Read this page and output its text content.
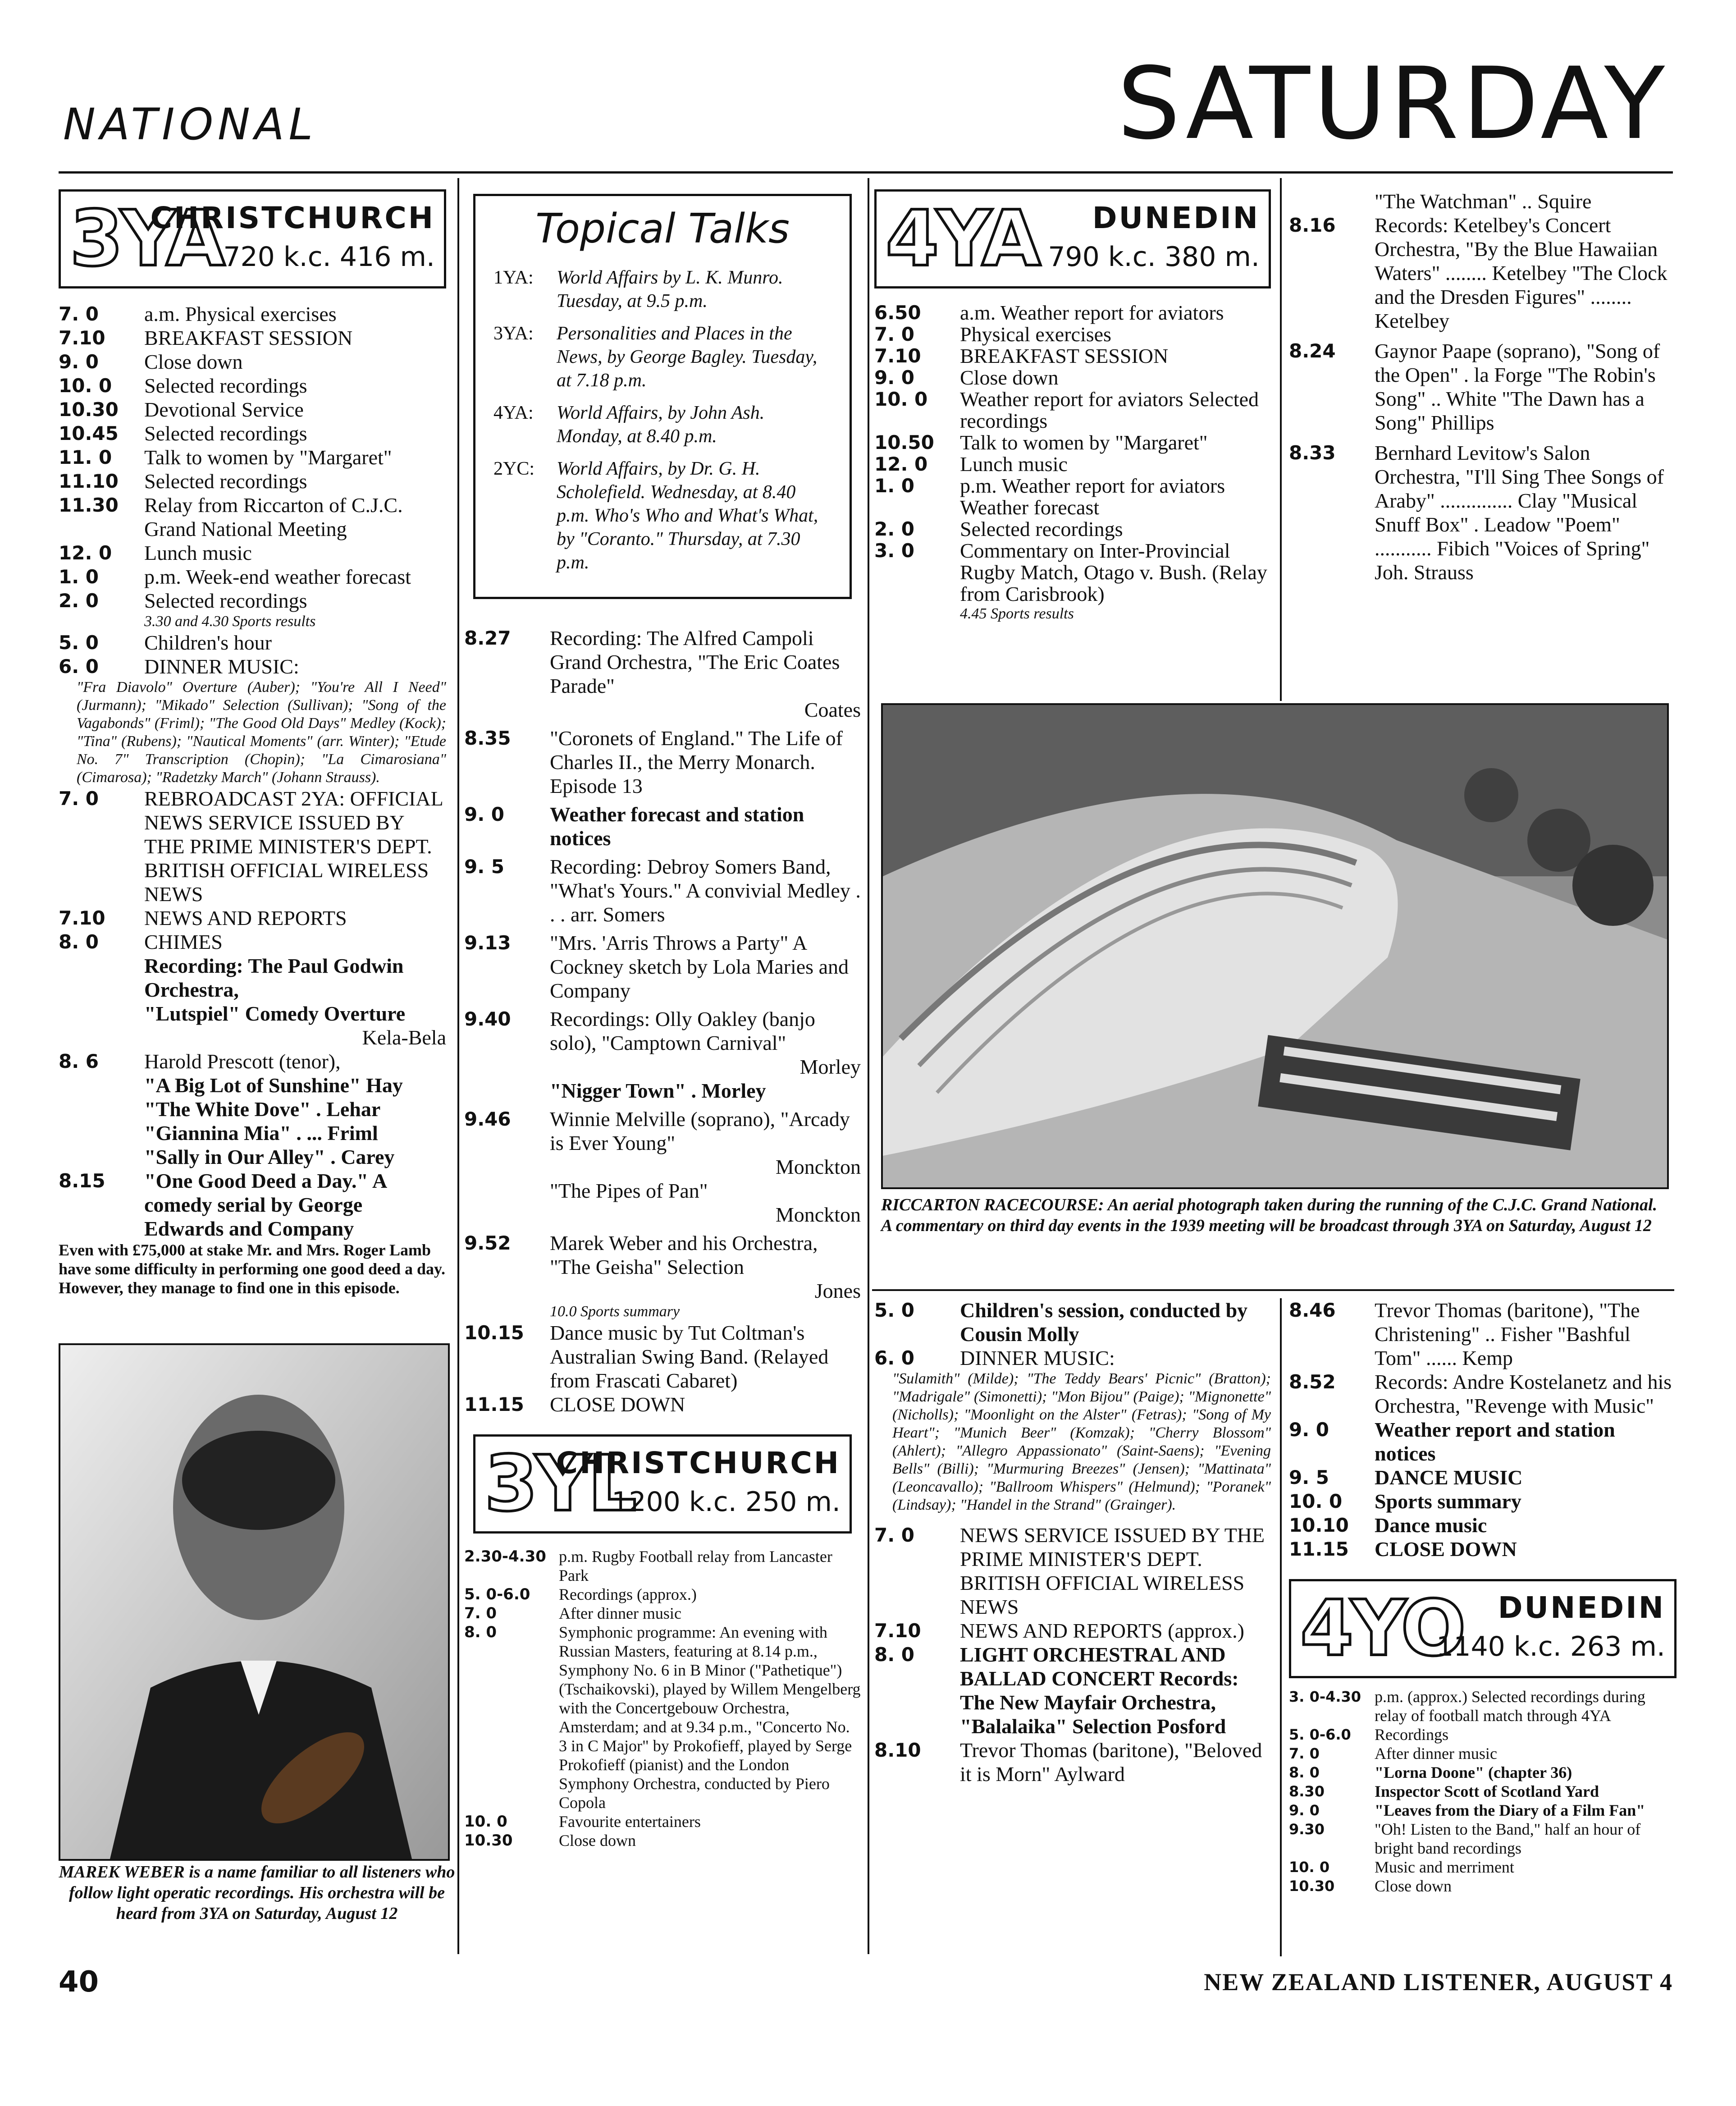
NATIONAL	SATURDAY
3YA
CHRISTCHURCH
720 k.c. 416 m.
7. 0	a.m. Physical exercises
7.10	BREAKFAST SESSION
9. 0	Close down
10. 0	Selected recordings
10.30	Devotional Service
10.45	Selected recordings
11. 0	Talk to women by "Margaret"
11.10	Selected recordings
11.30	Relay from Riccarton of C.J.C. Grand National Meeting
12. 0	Lunch music
1. 0	p.m. Week-end weather forecast
2. 0	Selected recordings
3.30 and 4.30 Sports results
5. 0	Children's hour
6. 0	DINNER MUSIC:
"Fra Diavolo" Overture (Auber); "You're All I Need" (Jurmann); "Mikado" Selection (Sullivan); "Song of the Vagabonds" (Friml); "The Good Old Days" Medley (Kock); "Tina" (Rubens); "Nautical Moments" (arr. Winter); "Etude No. 7" Transcription (Chopin); "La Cimarosiana" (Cimarosa); "Radetzky March" (Johann Strauss).
7. 0	REBROADCAST 2YA: OFFICIAL NEWS SERVICE ISSUED BY THE PRIME MINISTER'S DEPT. BRITISH OFFICIAL WIRELESS NEWS
7.10	NEWS AND REPORTS
8. 0	CHIMES
Recording: The Paul Godwin Orchestra,
"Lutspiel" Comedy Overture
Kela-Bela
8. 6	Harold Prescott (tenor),
"A Big Lot of Sunshine" Hay
"The White Dove" . Lehar
"Giannina Mia" . ... Friml
"Sally in Our Alley" . Carey
8.15	"One Good Deed a Day." A comedy serial by George Edwards and Company
Even with £75,000 at stake Mr. and Mrs. Roger Lamb have some difficulty in performing one good deed a day. However, they manage to find one in this episode.
MAREK WEBER is a name familiar to all listeners who follow light operatic recordings. His orchestra will be heard from 3YA on Saturday, August 12
Topical Talks
1YA:	World Affairs by L. K. Munro. Tuesday, at 9.5 p.m.
3YA:	Personalities and Places in the News, by George Bagley. Tuesday, at 7.18 p.m.
4YA:	World Affairs, by John Ash. Monday, at 8.40 p.m.
2YC:	World Affairs, by Dr. G. H. Scholefield. Wednesday, at 8.40 p.m. Who's Who and What's What, by "Coranto." Thursday, at 7.30 p.m.
8.27	Recording: The Alfred Campoli Grand Orchestra, "The Eric Coates Parade"

Coates
8.35	"Coronets of England." The Life of Charles II., the Merry Monarch. Episode 13
9. 0	Weather forecast and station notices
9. 5	Recording: Debroy Somers Band, "What's Yours." A convivial Medley . . . arr. Somers
9.13	"Mrs. 'Arris Throws a Party" A Cockney sketch by Lola Maries and Company
9.40	Recordings: Olly Oakley (banjo solo), "Camptown Carnival"

Morley
"Nigger Town" . Morley
9.46	Winnie Melville (soprano), "Arcady is Ever Young"

Monckton
"The Pipes of Pan"

Monckton
9.52	Marek Weber and his Orchestra, "The Geisha" Selection

Jones
10.0 Sports summary
10.15	Dance music by Tut Coltman's Australian Swing Band. (Relayed from Frascati Cabaret)
11.15	CLOSE DOWN
3YL
CHRISTCHURCH
1200 k.c. 250 m.
2.30-4.30 p.m. Rugby Football relay from Lancaster Park
5. 0-6.0	Recordings (approx.)
7. 0	After dinner music
8. 0	Symphonic programme: An evening with Russian Masters, featuring at 8.14 p.m., Symphony No. 6 in B Minor ("Pathetique") (Tschaikovski), played by Willem Mengelberg with the Concertgebouw Orchestra, Amsterdam; and at 9.34 p.m., "Concerto No. 3 in C Major" by Prokofieff, played by Serge Prokofieff (pianist) and the London Symphony Orchestra, conducted by Piero Copola
10. 0	Favourite entertainers
10.30	Close down
4YA DUNEDIN
790 k.c. 380 m.
6.50	a.m. Weather report for aviators
7. 0	Physical exercises
7.10	BREAKFAST SESSION
9. 0	Close down
10. 0	Weather report for aviators Selected recordings
10.50	Talk to women by "Margaret"
12. 0	Lunch music
1. 0	p.m. Weather report for aviators Weather forecast
2. 0	Selected recordings
3. 0	Commentary on Inter-Provincial Rugby Match, Otago v. Bush. (Relay from Carisbrook)
4.45 Sports results
"The Watchman" .. Squire
8.16	Records: Ketelbey's Concert Orchestra, "By the Blue Hawaiian Waters" ........ Ketelbey "The Clock and the Dresden Figures" ........ Ketelbey
8.24	Gaynor Paape (soprano), "Song of the Open" . la Forge "The Robin's Song" .. White "The Dawn has a Song" Phillips
8.33	Bernhard Levitow's Salon Orchestra, "I'll Sing Thee Songs of Araby" .............. Clay "Musical Snuff Box" . Leadow "Poem" ........... Fibich "Voices of Spring" Joh. Strauss
RICCARTON RACECOURSE: An aerial photograph taken during the running of the C.J.C. Grand National. A commentary on third day events in the 1939 meeting will be broadcast through 3YA on Saturday, August 12
5. 0	Children's session, conducted by Cousin Molly
6. 0	DINNER MUSIC:
"Sulamith" (Milde); "The Teddy Bears' Picnic" (Bratton); "Madrigale" (Simonetti); "Mon Bijou" (Paige); "Mignonette" (Nicholls); "Moonlight on the Alster" (Fetras); "Song of My Heart"; "Munich Beer" (Komzak); "Cherry Blossom" (Ahlert); "Allegro Appassionato" (Saint-Saens); "Evening Bells" (Billi); "Murmuring Breezes" (Jensen); "Mattinata" (Leoncavallo); "Ballroom Whispers" (Helmund); "Poranek" (Lindsay); "Handel in the Strand" (Grainger).
7. 0	NEWS SERVICE ISSUED BY THE PRIME MINISTER'S DEPT. BRITISH OFFICIAL WIRELESS NEWS
7.10	NEWS AND REPORTS (approx.)
8. 0	LIGHT ORCHESTRAL AND BALLAD CONCERT Records: The New Mayfair Orchestra, "Balalaika" Selection Posford
8.10	Trevor Thomas (baritone), "Beloved it is Morn" Aylward
8.46	Trevor Thomas (baritone), "The Christening" .. Fisher "Bashful Tom" ...... Kemp
8.52	Records: Andre Kostelanetz and his Orchestra, "Revenge with Music"
9. 0	Weather report and station notices
9. 5	DANCE MUSIC
10. 0	Sports summary
10.10	Dance music
11.15	CLOSE DOWN
4YO DUNEDIN
1140 k.c. 263 m.
3. 0-4.30 p.m. (approx.) Selected recordings during relay of football match through 4YA
5. 0-6.0	Recordings
7. 0	After dinner music
8. 0	"Lorna Doone" (chapter 36)
8.30	Inspector Scott of Scotland Yard
9. 0	"Leaves from the Diary of a Film Fan"
9.30	"Oh! Listen to the Band," half an hour of bright band recordings
10. 0	Music and merriment
10.30	Close down
40	NEW ZEALAND LISTENER, AUGUST 4
